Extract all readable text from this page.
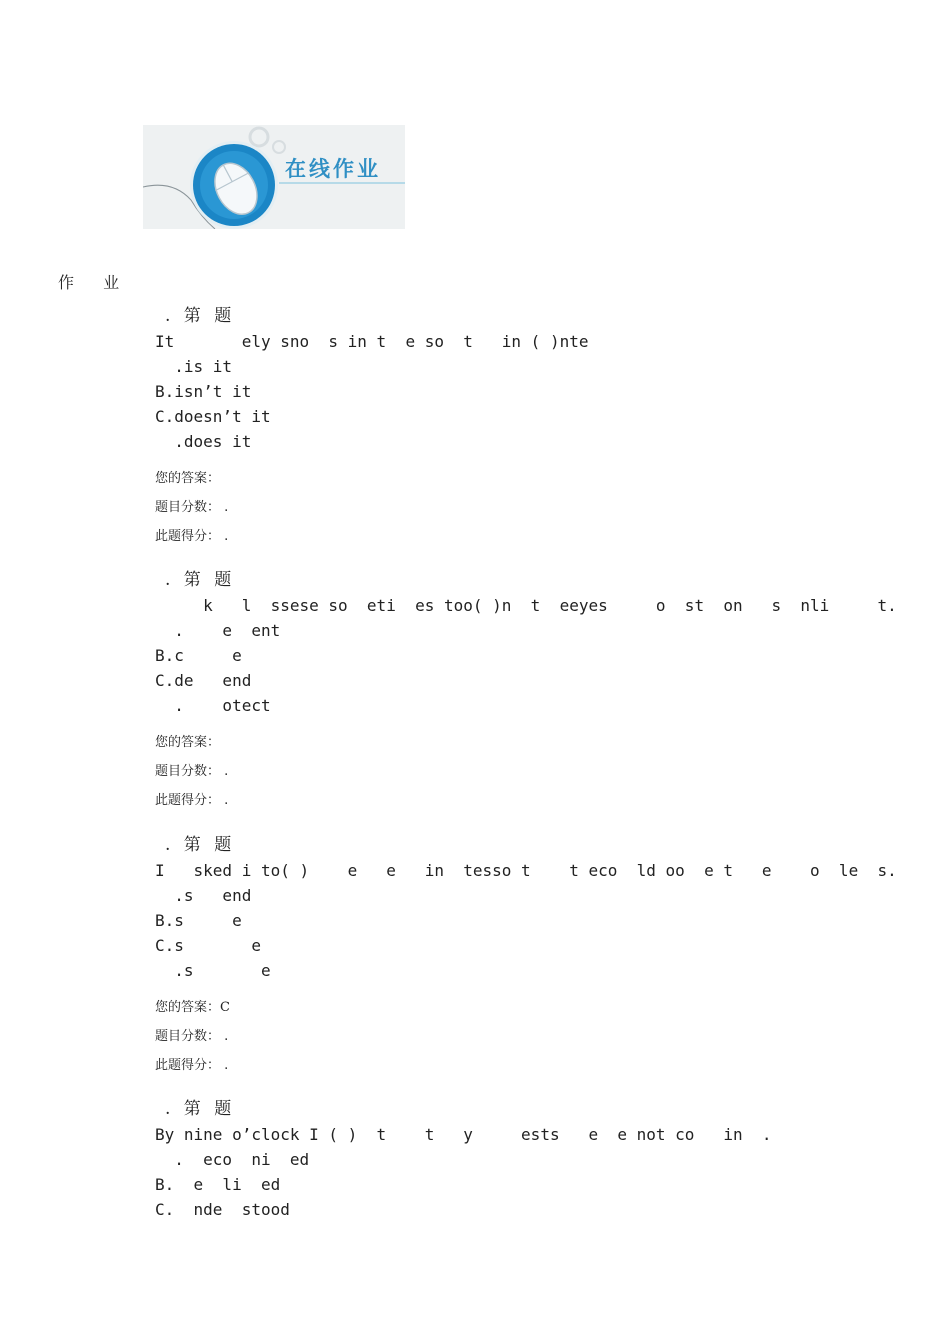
在线作业
作 业
. 第 题
It       ely sno  s in t  e so  t   in ( )nte
.is it
B.isn’t it
C.doesn’t it
.does it
您的答案：
题目分数： .
此题得分： .
. 第 题
k   l  ssese so  eti  es too( )n  t  eeyes     o  st  on   s  nli     t.
.    e  ent
B.c     e
C.de   end
.    otect
您的答案：
题目分数： .
此题得分： .
. 第 题
I   sked i to( )    e   e   in  tesso t    t eco  ld oo  e t   e    o  le  s.
.s   end
B.s     e
C.s       e
.s       e
您的答案：C
题目分数： .
此题得分： .
. 第 题
By nine o’clock I ( )  t    t   y     ests   e  e not co   in  .
.  eco  ni  ed
B.  e  li  ed
C.  nde  stood
